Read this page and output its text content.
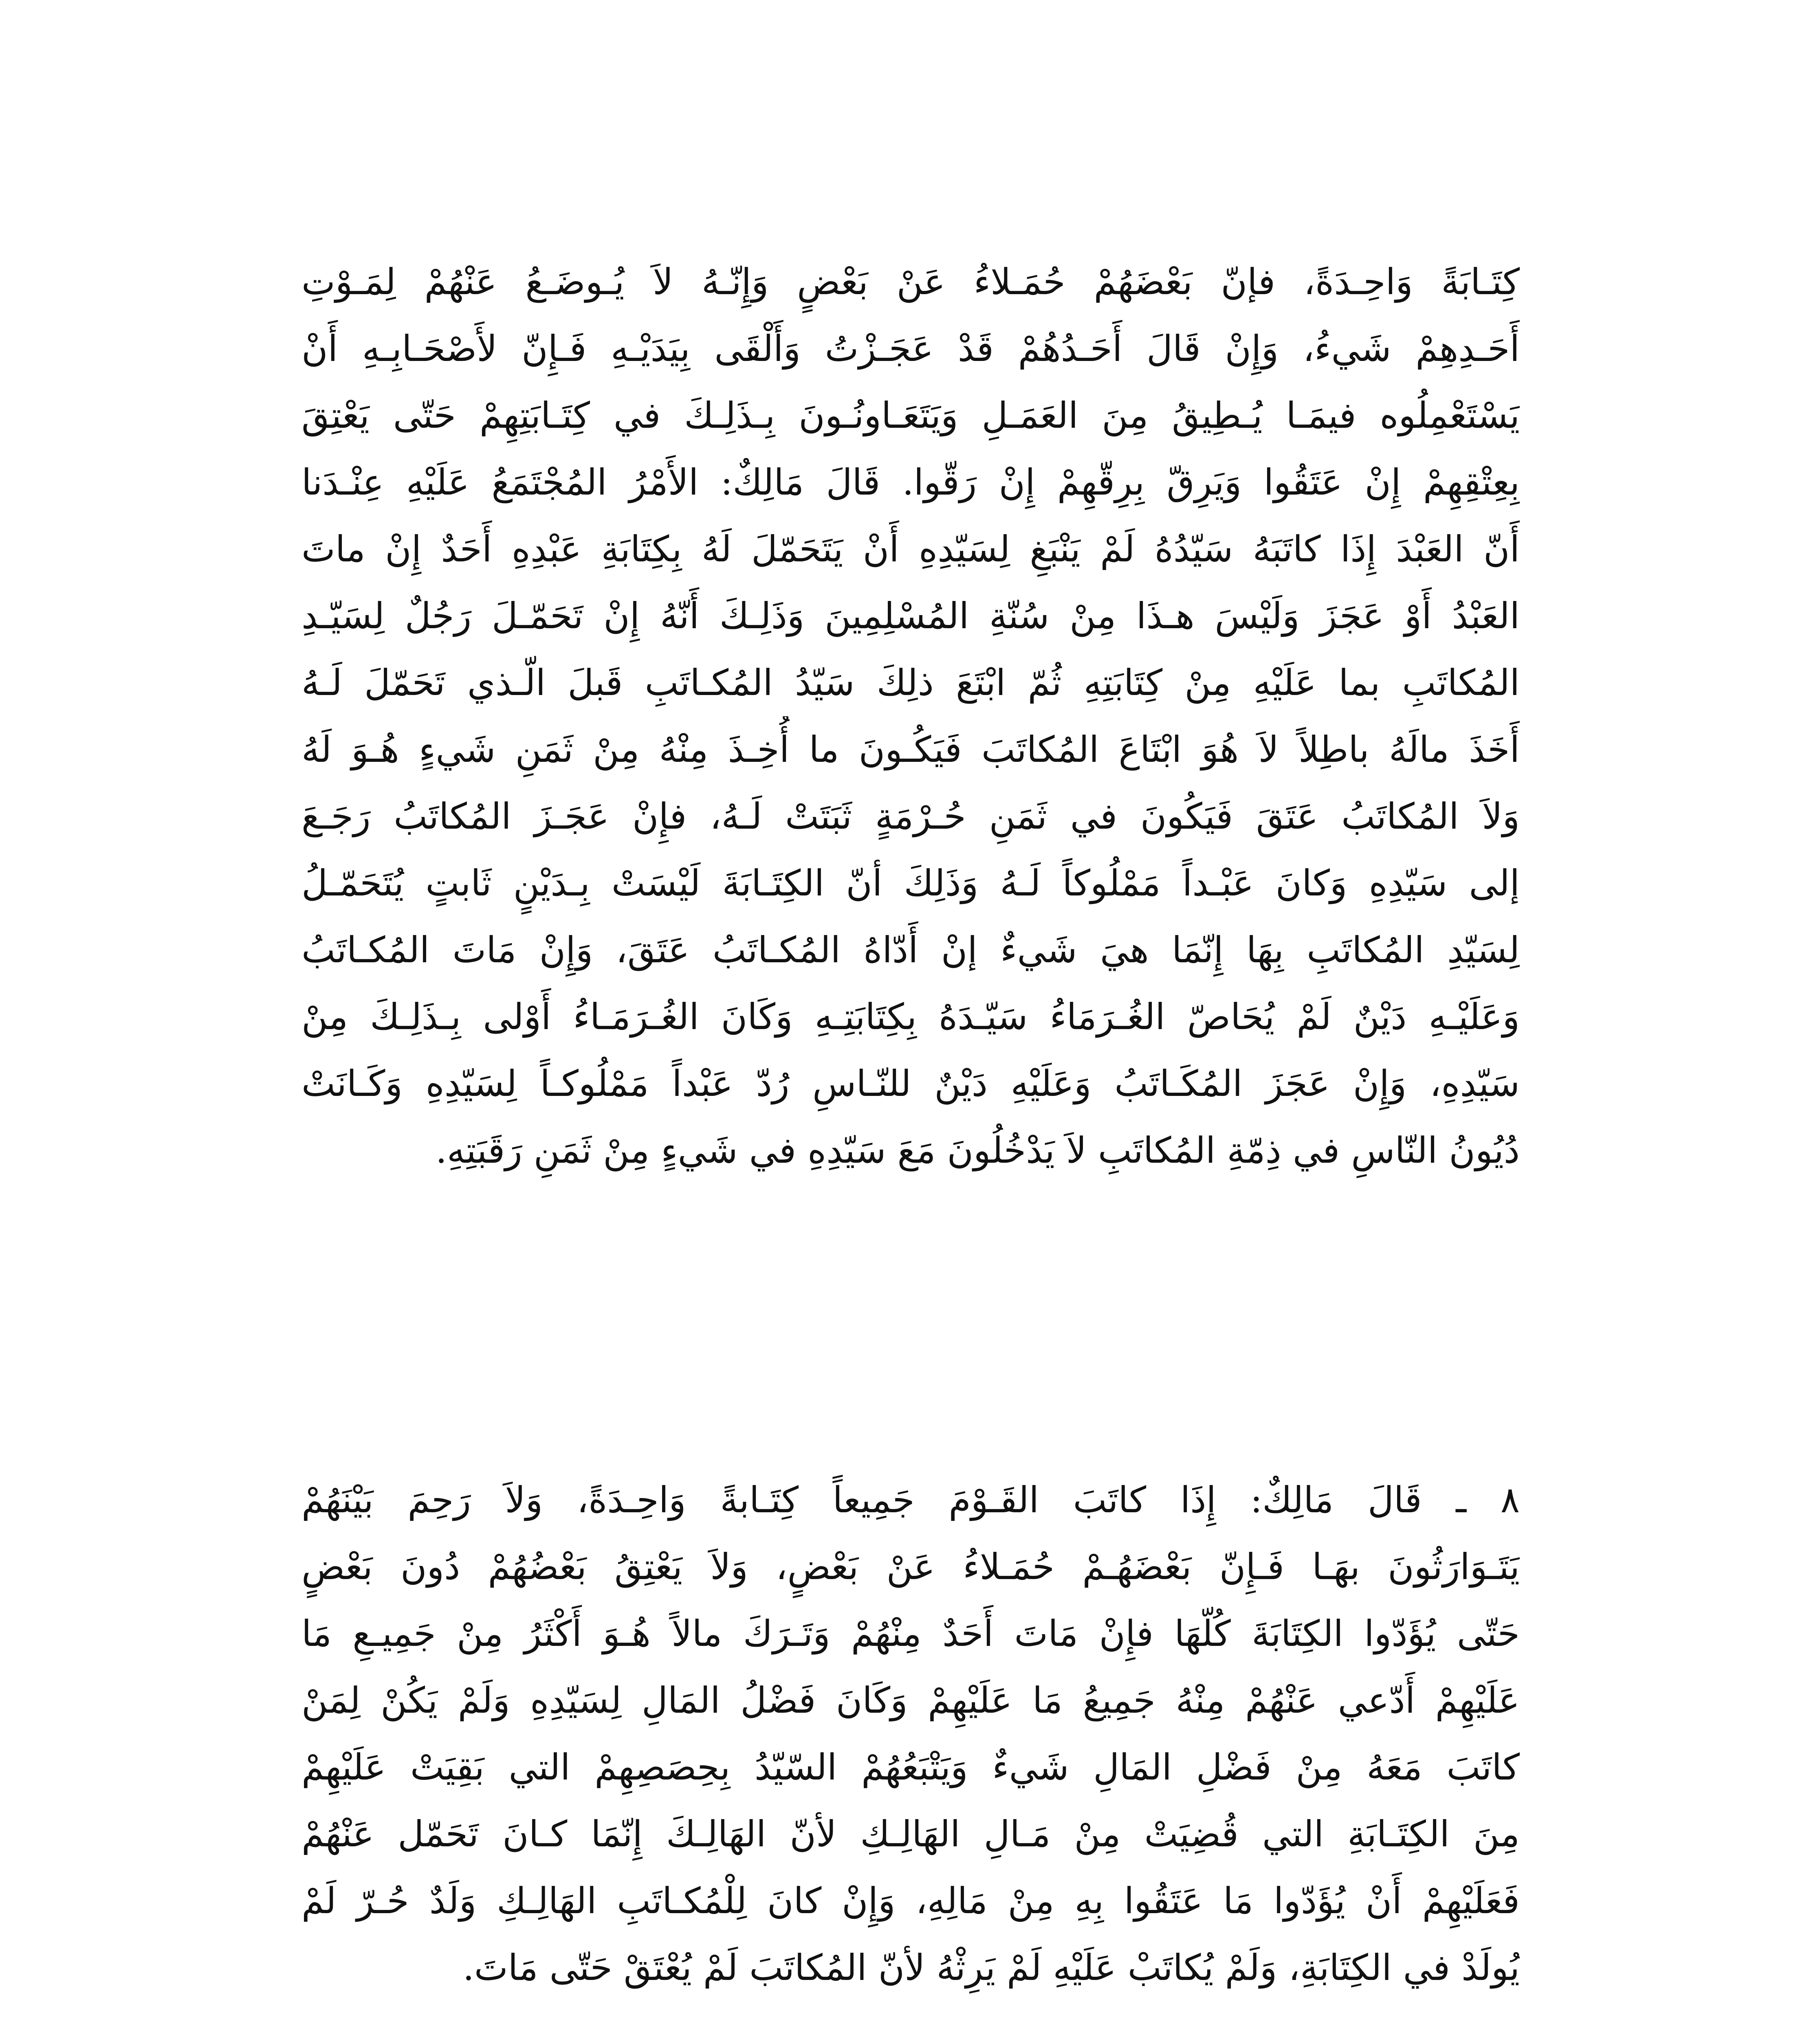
كِتَـابَةً وَاحِـدَةً، فإنّ بَعْضَهُمْ حُمَـلاءُ عَنْ بَعْضٍ وَإِنّـهُ لاَ يُـوضَـعُ عَنْهُمْ لِمَـوْتِ
أَحَـدِهِمْ شَيءُ، وَإِنْ قَالَ أَحَـدُهُمْ قَدْ عَجَـزْتُ وَأَلْقَى بِيَدَيْـهِ فَـإِنّ لأَصْحَـابِـهِ أَنْ
يَسْتَعْمِلُوه فيمَـا يُـطِيقُ مِنَ العَمَـلِ وَيَتَعَـاونُـونَ بِـذَلِـكَ في كِتَـابَتِهِمْ حَتّى يَعْتِقَ
بِعِتْقِهِمْ إِنْ عَتَقُوا وَيَرِقّ بِرِقّهِمْ إِنْ رَقّوا. قَالَ مَالِكٌ: الأَمْرُ المُجْتَمَعُ عَلَيْهِ عِنْـدَنا
أَنّ العَبْدَ إِذَا كاتَبَهُ سَيّدُهُ لَمْ يَنْبَغِ لِسَيّدِهِ أَنْ يَتَحَمّلَ لَهُ بِكِتَابَةِ عَبْدِهِ أَحَدٌ إِنْ ماتَ
العَبْدُ أَوْ عَجَزَ وَلَيْسَ هـذَا مِنْ سُنّةِ المُسْلِمِينَ وَذَلِـكَ أَنّهُ إِنْ تَحَمّـلَ رَجُلٌ لِسَيّـدِ
المُكاتَبِ بما عَلَيْهِ مِنْ كِتَابَتِهِ ثُمّ ابْتَعَ ذلِكَ سَيّدُ المُكـاتَبِ قَبلَ الّـذي تَحَمّلَ لَـهُ
أَخَذَ مالَهُ باطِلاً لاَ هُوَ ابْتَاعَ المُكاتَبَ فَيَكُـونَ ما أُخِـذَ مِنْهُ مِنْ ثَمَنِ شَيءٍ هُـوَ لَهُ
وَلاَ المُكاتَبُ عَتَقَ فَيَكُونَ في ثَمَنِ حُـرْمَةٍ ثَبَتَتْ لَـهُ، فإِنْ عَجَـزَ المُكاتَبُ رَجَـعَ
إلى سَيّدِهِ وَكانَ عَبْـداً مَمْلُوكاً لَـهُ وَذَلِكَ أنّ الكِتَـابَةَ لَيْسَتْ بِـدَيْنٍ ثَابتٍ يُتَحَمّـلُ
لِسَيّدِ المُكاتَبِ بِهَا إِنّمَا هيَ شَيءٌ إنْ أَدّاهُ المُكـاتَبُ عَتَقَ، وَإِنْ مَاتَ المُكـاتَبُ
وَعَلَيْـهِ دَيْنٌ لَمْ يُحَاصّ الغُـرَمَاءُ سَيّـدَهُ بِكِتَابَتِـهِ وَكَانَ الغُـرَمَـاءُ أَوْلى بِـذَلِـكَ مِنْ
سَيّدِهِ، وَإِنْ عَجَزَ المُكَـاتَبُ وَعَلَيْهِ دَيْنٌ للنّـاسِ رُدّ عَبْداً مَمْلُوكـاً لِسَيّدِهِ وَكَـانَتْ
دُيُونُ النّاسِ في ذِمّةِ المُكاتَبِ لاَ يَدْخُلُونَ مَعَ سَيّدِهِ في شَيءٍ مِنْ ثَمَنِ رَقَبَتِهِ.
٨ ـ قَالَ مَالِكٌ: إِذَا كاتَبَ القَـوْمَ جَمِيعاً كِتَـابةً وَاحِـدَةً، وَلاَ رَحِمَ بَيْنَهُمْ
يَتَـوَارَثُونَ بهَـا فَـإِنّ بَعْضَهُـمْ حُمَـلاءُ عَنْ بَعْضٍ، وَلاَ يَعْتِقُ بَعْضُهُمْ دُونَ بَعْضٍ
حَتّى يُؤَدّوا الكِتَابَةَ كُلّهَا فإِنْ مَاتَ أَحَدٌ مِنْهُمْ وَتَـرَكَ مالاً هُـوَ أَكْثَرُ مِنْ جَمِيـعِ مَا
عَلَيْهِمْ أَدّعي عَنْهُمْ مِنْهُ جَمِيعُ مَا عَلَيْهِمْ وَكَانَ فَضْلُ المَالِ لِسَيّدِهِ وَلَمْ يَكُنْ لِمَنْ
كاتَبَ مَعَهُ مِنْ فَضْلِ المَالِ شَيءٌ وَيَتْبَعُهُمْ السّيّدُ بِحِصَصِهِمْ التي بَقِيَتْ عَلَيْهِمْ
مِنَ الكِتَـابَةِ التي قُضِيَتْ مِنْ مَـالِ الهَالِـكِ لأنّ الهَالِـكَ إِنّمَا كـانَ تَحَمّل عَنْهُمْ
فَعَلَيْهِمْ أَنْ يُؤَدّوا مَا عَتَقُوا بِهِ مِنْ مَالِهِ، وَإِنْ كانَ لِلْمُكـاتَبِ الهَالِـكِ وَلَدٌ حُـرّ لَمْ
يُولَدْ في الكِتَابَةِ، وَلَمْ يُكاتَبْ عَلَيْهِ لَمْ يَرِثْهُ لأنّ المُكاتَبَ لَمْ يُعْتَقْ حَتّى مَاتَ.
